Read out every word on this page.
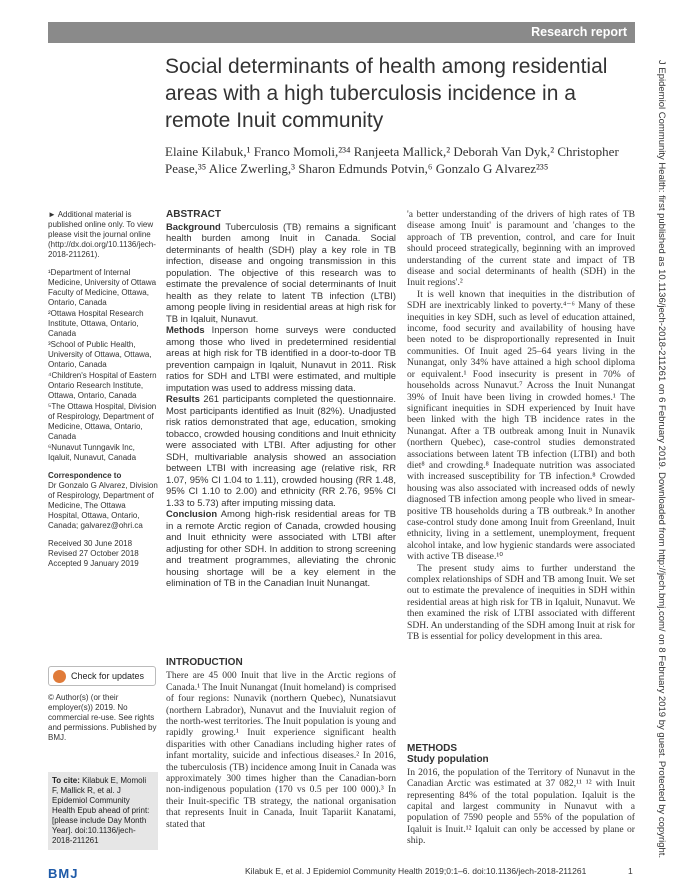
Research report
Social determinants of health among residential areas with a high tuberculosis incidence in a remote Inuit community
Elaine Kilabuk,¹ Franco Momoli,²³⁴ Ranjeeta Mallick,² Deborah Van Dyk,² Christopher Pease,³⁵ Alice Zwerling,³ Sharon Edmunds Potvin,⁶ Gonzalo G Alvarez²³⁵
► Additional material is published online only. To view please visit the journal online (http://dx.doi.org/10.1136/jech-2018-211261).
¹Department of Internal Medicine, University of Ottawa Faculty of Medicine, Ottawa, Ontario, Canada
²Ottawa Hospital Research Institute, Ottawa, Ontario, Canada
³School of Public Health, University of Ottawa, Ottawa, Ontario, Canada
⁴Children's Hospital of Eastern Ontario Research Institute, Ottawa, Ontario, Canada
⁵The Ottawa Hospital, Division of Respirology, Department of Medicine, Ottawa, Ontario, Canada
⁶Nunavut Tunngavik Inc, Iqaluit, Nunavut, Canada
Correspondence to
Dr Gonzalo G Alvarez, Division of Respirology, Department of Medicine, The Ottawa Hospital, Ottawa, Ontario, Canada; galvarez@ohri.ca
Received 30 June 2018
Revised 27 October 2018
Accepted 9 January 2019
Check for updates
© Author(s) (or their employer(s)) 2019. No commercial re-use. See rights and permissions. Published by BMJ.
To cite: Kilabuk E, Momoli F, Mallick R, et al. J Epidemiol Community Health Epub ahead of print: [please include Day Month Year]. doi:10.1136/jech-2018-211261
ABSTRACT

Background Tuberculosis (TB) remains a significant health burden among Inuit in Canada. Social determinants of health (SDH) play a key role in TB infection, disease and ongoing transmission in this population. The objective of this research was to estimate the prevalence of social determinants of Inuit health as they relate to latent TB infection (LTBI) among people living in residential areas at high risk for TB in Iqaluit, Nunavut.

Methods Inperson home surveys were conducted among those who lived in predetermined residential areas at high risk for TB identified in a door-to-door TB prevention campaign in Iqaluit, Nunavut in 2011. Risk ratios for SDH and LTBI were estimated, and multiple imputation was used to address missing data.

Results 261 participants completed the questionnaire. Most participants identified as Inuit (82%). Unadjusted risk ratios demonstrated that age, education, smoking tobacco, crowded housing conditions and Inuit ethnicity were associated with LTBI. After adjusting for other SDH, multivariable analysis showed an association between LTBI with increasing age (relative risk, RR 1.07, 95% CI 1.04 to 1.11), crowded housing (RR 1.48, 95% CI 1.10 to 2.00) and ethnicity (RR 2.76, 95% CI 1.33 to 5.73) after imputing missing data.

Conclusion Among high-risk residential areas for TB in a remote Arctic region of Canada, crowded housing and Inuit ethnicity were associated with LTBI after adjusting for other SDH. In addition to strong screening and treatment programmes, alleviating the chronic housing shortage will be a key element in the elimination of TB in the Canadian Inuit Nunangat.

INTRODUCTION

There are 45 000 Inuit that live in the Arctic regions of Canada.¹ The Inuit Nunangat (Inuit homeland) is comprised of four regions: Nunavik (northern Quebec), Nunatsiavut (northern Labrador), Nunavut and the Inuvialuit region of the north-west territories. The Inuit population is young and rapidly growing.¹ Inuit experience significant health disparities with other Canadians including higher rates of infant mortality, suicide and infectious diseases.² In 2016, the tuberculosis (TB) incidence among Inuit in Canada was approximately 300 times higher than the Canadian-born non-indigenous population (170 vs 0.5 per 100 000).³ In their Inuit-specific TB strategy, the national organisation that represents Inuit in Canada, Inuit Tapariit Kanatami, stated that

'a better understanding of the drivers of high rates of TB disease among Inuit' is paramount and 'changes to the approach of TB prevention, control, and care for Inuit should proceed strategically, beginning with an improved understanding of the current state and impact of TB disease and social determinants of health (SDH) in the Inuit regions'.²

It is well known that inequities in the distribution of SDH are inextricably linked to poverty.⁴⁻⁶ Many of these inequities in key SDH, such as level of education attained, income, food security and availability of housing have been noted to be disproportionally represented in Inuit communities. Of Inuit aged 25–64 years living in the Nunangat, only 34% have attained a high school diploma or equivalent.¹ Food insecurity is present in 70% of households across Nunavut.⁷ Across the Inuit Nunangat 39% of Inuit have been living in crowded homes.¹ The significant inequities in SDH experienced by Inuit have been linked with the high TB incidence rates in the Nunangat. After a TB outbreak among Inuit in Nunavik (northern Quebec), case-control studies demonstrated associations between latent TB infection (LTBI) and both diet⁸ and crowding.⁸ Inadequate nutrition was associated with increased susceptibility for TB infection.⁸ Crowded housing was also associated with increased odds of newly diagnosed TB infection among people who lived in smear-positive TB households during a TB outbreak.⁹ In another case-control study done among Inuit from Greenland, Inuit ethnicity, living in a settlement, unemployment, frequent alcohol intake, and low hygienic standards were associated with active TB disease.¹⁰

The present study aims to further understand the complex relationships of SDH and TB among Inuit. We set out to estimate the prevalence of inequities in SDH within residential areas at high risk for TB in Iqaluit, Nunavut. We then examined the risk of LTBI associated with different SDH. An understanding of the SDH among Inuit at risk for TB is essential for policy development in this area.

METHODS
Study population

In 2016, the population of the Territory of Nunavut in the Canadian Arctic was estimated at 37 082,¹¹ ¹² with Inuit representing 84% of the total population. Iqaluit is the capital and largest community in Nunavut with a population of 7590 people and 55% of the population of Iqaluit is Inuit.¹² Iqaluit can only be accessed by plane or ship.	J Epidemiol Community Health: first published as 10.1136/jech-2018-211261 on 6 February 2019. Downloaded from http://jech.bmj.com/ on 8 February 2019 by guest. Protected by copyright.
BMJ	Kilabuk E, et al. J Epidemiol Community Health 2019;0:1–6. doi:10.1136/jech-2018-211261	1
